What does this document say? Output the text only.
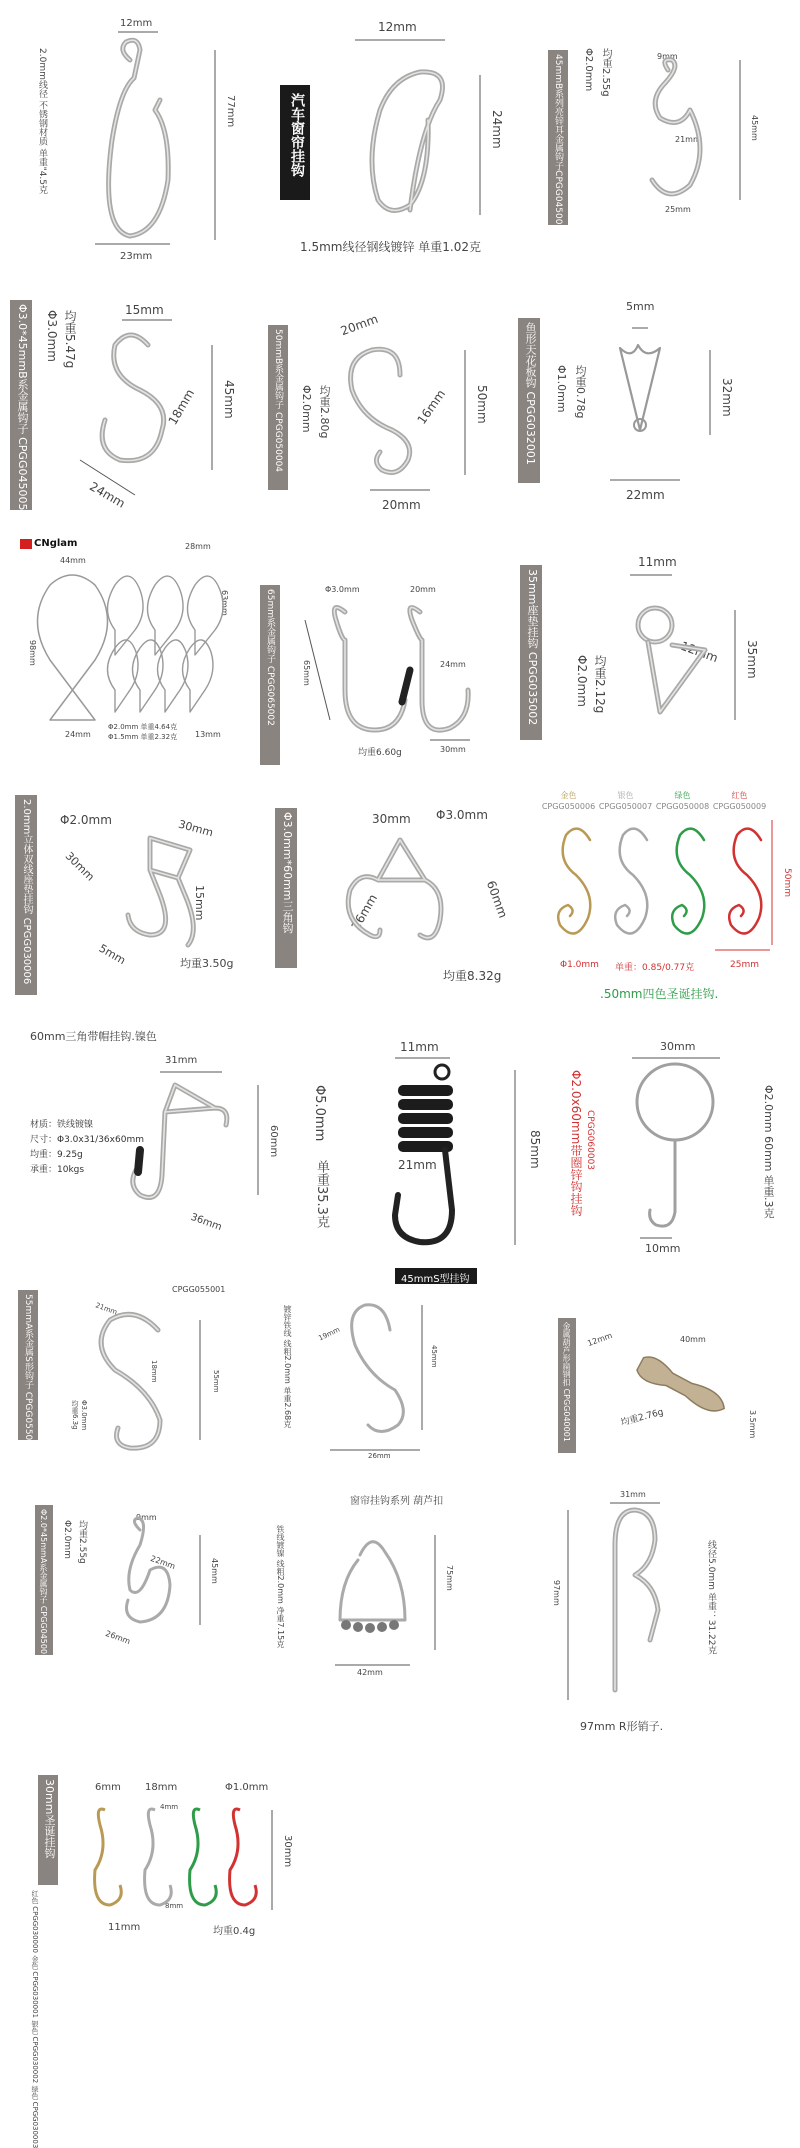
12mm
2.0mm线径 不锈钢材质 单重"4.5克	77mm
23mm
汽车窗帘挂钩
12mm
24mm
1.5mm线径钢线镀锌 单重1.02克
45mmB系列亮锌耳金属钩子CPGG045002 Φ2.0mm 均重2.55g	9mm
21mm
25mm
45mm
Φ3.0*45mmB系金属钩子 CPGG045005 Φ3.0mm 均重5.47g	15mm
18mm 45mm
24mm
50mmB系金属钩子 CPGG050004 Φ2.0mm 均重2.80g
20mm
16mm 50mm
20mm
鱼形天花板钩 CPGG032001 Φ1.0mm 均重0.78g
5mm
32mm
22mm
CNglam
44mm
98mm
24mm
28mm
63mm
13mm
Φ2.0mm 单重4.64克
Φ1.5mm 单重2.32克
65mm系金属钩子 CPGG065002	Φ3.0mm	20mm
24mm
65mm
30mm
均重6.60g
35mm座垫挂钩 CPGG035002
11mm
12mm 35mm
Φ2.0mm 均重2.12g
2.0mm立体双线座垫挂钩 CPGG030006 Φ2.0mm	30mm
30mm
15mm
5mm	均重3.50g
Φ3.0mm*60mm三角钩	30mm Φ3.0mm
60mm
26mm
均重8.32g
金色
CPGG050006
银色
CPGG050007
绿色
CPGG050008
红色
CPGG050009
50mm
Φ1.0mm 单重：0.85/0.77克	25mm
.50mm四色圣诞挂钩.
60mm三角带帽挂钩.镍色
31mm
60mm
36mm
材质：铁线镀镍
尺寸：Φ3.0x31/36x60mm
均重：9.25g
承重：10kgs
11mm
Φ5.0mm
单重35.3克	21mm	85mm Φ2.0x60mm带圈锌钩挂钩 CPGG060003
30mm
10mm
Φ2.0mm 60mm 单重.3克
CPGG055001
55mmA系金属S形钩子 CPGG055001	21mm
55mm
18mm
Φ3.0mm
均重6.3g
45mmS型挂钩
镀锌铁线 线粗2.0mm 单重2.68克	19mm
45mm
26mm
金属葫芦形扁钢扣 CPGG040001 12mm	40mm
3.5mm
均重2.76g
Φ2.0*45mmA系金属钩子 CPGG045001 Φ2.0mm 均重2.55g
9mm
22mm	45mm
26mm
窗帘挂钩系列 葫芦扣
铁线镀镍 线粗2.0mm 净重7.15克	75mm
42mm
31mm
97mm	线径5.0mm 单重：31.22克
97mm R形销子.
30mm圣诞挂钩	6mm 18mm	Φ1.0mm
4mm
8mm
30mm
11mm	均重0.4g
红色 CPGG030000 金色 CPGG030001 银色 CPGG030002 绿色 CPGG030003
